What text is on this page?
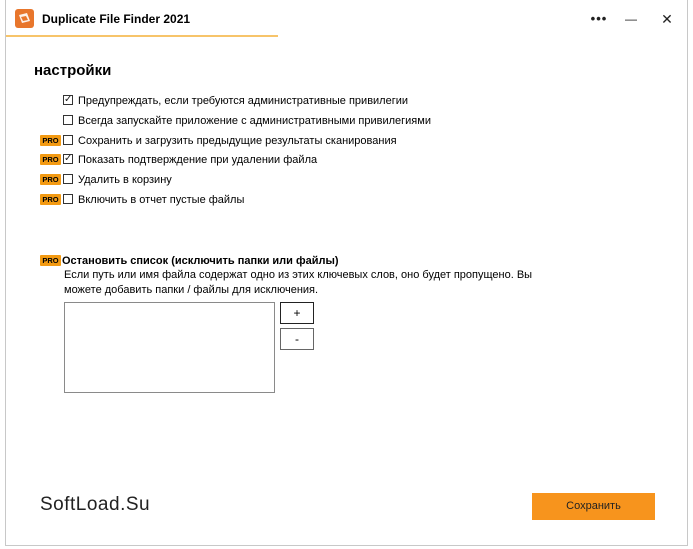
Duplicate File Finder 2021	•••	—	✕
настройки
✓
Предупреждать, если требуются административные привилегии
Всегда запускайте приложение с административными привилегиями
PRO Сохранить и загрузить предыдущие результаты сканирования
PRO
✓ Показать подтверждение при удалении файла
PRO Удалить в корзину
PRO Включить в отчет пустые файлы
PRO Остановить список (исключить папки или файлы)
Если путь или имя файла содержат одно из этих ключевых слов, оно будет пропущено. Вы можете добавить папки / файлы для исключения.
+
-
SoftLoad.Su	Сохранить
